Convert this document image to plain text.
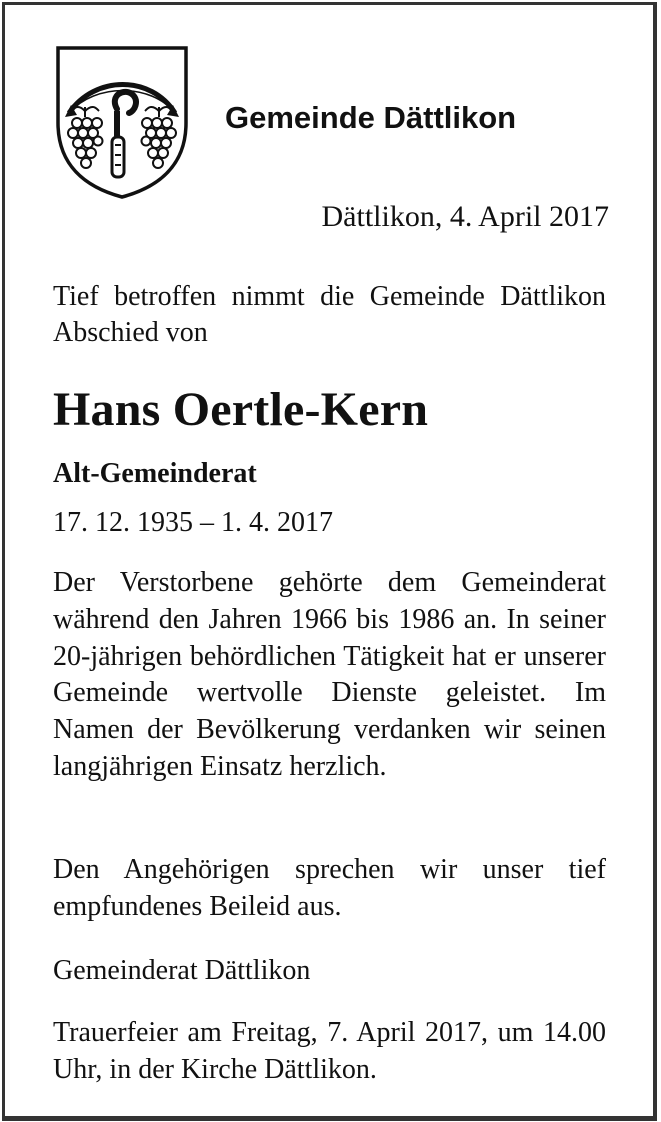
Gemeinde Dättlikon
Dättlikon, 4. April 2017
Tief betroffen nimmt die Gemeinde Dättlikon Abschied von
Hans Oertle-Kern
Alt-Gemeinderat
17. 12. 1935 – 1. 4. 2017
Der Verstorbene gehörte dem Gemeinderat während den Jahren 1966 bis 1986 an. In seiner 20-jährigen behördlichen Tätigkeit hat er unserer Gemeinde wertvolle Dienste geleistet. Im Namen der Bevölkerung verdanken wir seinen langjährigen Einsatz herzlich.
Den Angehörigen sprechen wir unser tief empfundenes Beileid aus.
Gemeinderat Dättlikon
Trauerfeier am Freitag, 7. April 2017, um 14.00 Uhr, in der Kirche Dättlikon.
